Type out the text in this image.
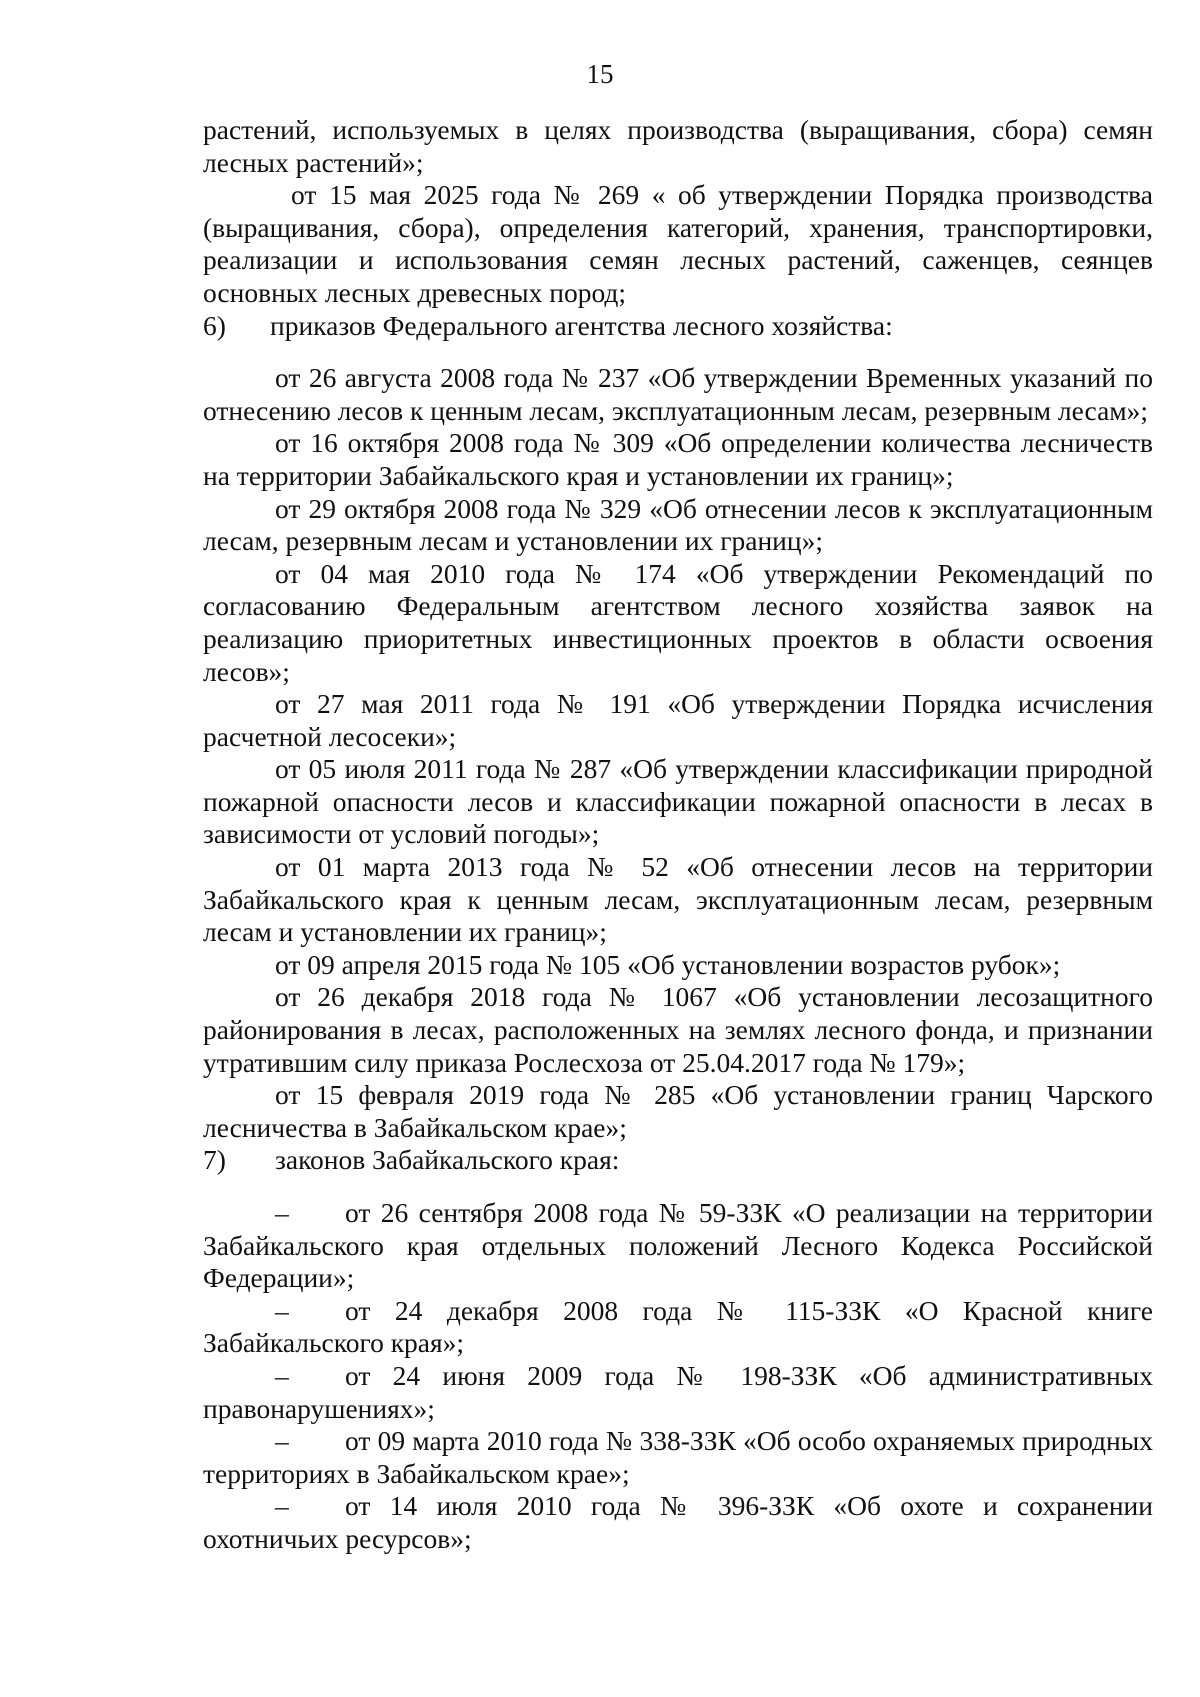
15

растений, используемых в целях производства (выращивания, сбора) семян лесных растений»;

от 15 мая 2025 года № 269 « об утверждении Порядка производства (выращивания, сбора), определения категорий, хранения, транспортировки, реализации и использования семян лесных растений, саженцев, сеянцев основных лесных древесных пород;

6)	приказов Федерального агентства лесного хозяйства:

от 26 августа 2008 года № 237 «Об утверждении Временных указаний по отнесению лесов к ценным лесам, эксплуатационным лесам, резервным лесам»;

от 16 октября 2008 года № 309 «Об определении количества лесничеств на территории Забайкальского края и установлении их границ»;

от 29 октября 2008 года № 329 «Об отнесении лесов к эксплуатационным лесам, резервным лесам и установлении их границ»;

от 04 мая 2010 года № 174 «Об утверждении Рекомендаций по согласованию Федеральным агентством лесного хозяйства заявок на реализацию приоритетных инвестиционных проектов в области освоения лесов»;

от 27 мая 2011 года № 191 «Об утверждении Порядка исчисления расчетной лесосеки»;

от 05 июля 2011 года № 287 «Об утверждении классификации природной пожарной опасности лесов и классификации пожарной опасности в лесах в зависимости от условий погоды»;

от 01 марта 2013 года № 52 «Об отнесении лесов на территории Забайкальского края к ценным лесам, эксплуатационным лесам, резервным лесам и установлении их границ»;

от 09 апреля 2015 года № 105 «Об установлении возрастов рубок»;

от 26 декабря 2018 года № 1067 «Об установлении лесозащитного районирования в лесах, расположенных на землях лесного фонда, и признании утратившим силу приказа Рослесхоза от 25.04.2017 года № 179»;

от 15 февраля 2019 года № 285 «Об установлении границ Чарского лесничества в Забайкальском крае»;

7)	законов Забайкальского края:

– от 26 сентября 2008 года № 59-ЗЗК «О реализации на территории Забайкальского края отдельных положений Лесного Кодекса Российской Федерации»;

– от 24 декабря 2008 года № 115-ЗЗК «О Красной книге Забайкальского края»;

– от 24 июня 2009 года № 198-ЗЗК «Об административных правонарушениях»;

– от 09 марта 2010 года № 338-ЗЗК «Об особо охраняемых природных территориях в Забайкальском крае»;

– от 14 июля 2010 года № 396-ЗЗК «Об охоте и сохранении охотничьих ресурсов»;
